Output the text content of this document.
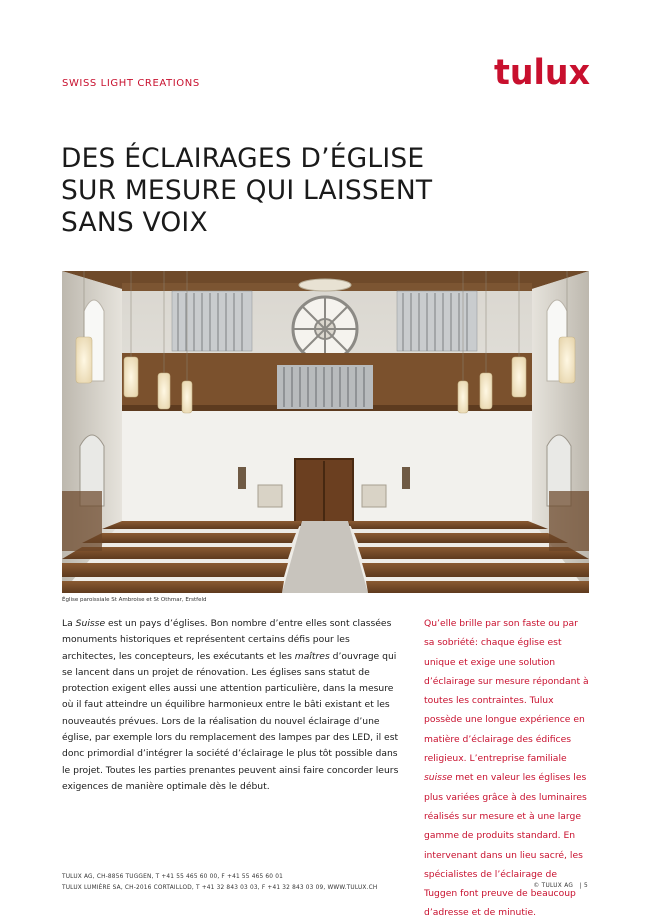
SWISS LIGHT CREATIONS	tulux
DES ÉCLAIRAGES D’ÉGLISE
SUR MESURE QUI LAISSENT
SANS VOIX
Église paroissiale St Ambroise et St Othmar, Erstfeld

La Suisse est un pays d’églises. Bon nombre d’entre elles sont classées monuments historiques et représentent certains défis pour les architectes, les concepteurs, les exécutants et les maîtres d’ouvrage qui se lancent dans un projet de rénovation. Les églises sans statut de protection exigent elles aussi une attention particulière, dans la mesure où il faut atteindre un équilibre harmonieux entre le bâti existant et les nouveautés prévues. Lors de la réalisation du nouvel éclairage d’une église, par exemple lors du remplacement des lampes par des LED, il est donc primordial d’intégrer la société d’éclairage le plus tôt possible dans le projet. Toutes les parties prenantes peuvent ainsi faire concorder leurs exigences de manière optimale dès le début.

Qu’elle brille par son faste ou par sa sobriété: chaque église est unique et exige une solution d’éclairage sur mesure répondant à toutes les contraintes. Tulux possède une longue expérience en matière d’éclairage des édifices religieux. L’entreprise familiale suisse met en valeur les églises les plus variées grâce à des luminaires réalisés sur mesure et à une large gamme de produits standard. En intervenant dans un lieu sacré, les spécialistes de l’éclairage de Tuggen font preuve de beaucoup d’adresse et de minutie.

TULUX AG, CH-8856 TUGGEN, T +41 55 465 60 00, F +41 55 465 60 01
TULUX LUMIÈRE SA, CH-2016 CORTAILLOD, T +41 32 843 03 03, F +41 32 843 03 09, WWW.TULUX.CH	© TULUX AG | 5
